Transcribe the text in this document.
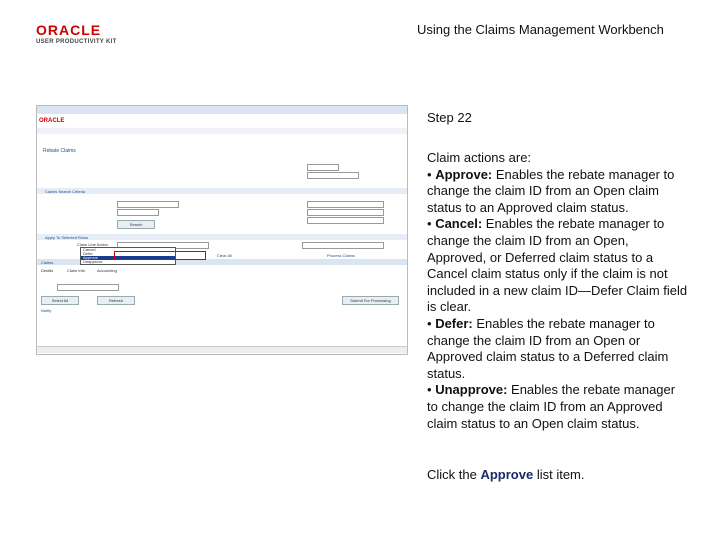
ORACLE
USER PRODUCTIVITY KIT
Using the Claims Management Workbench
ORACLE
Rebate Claims
Claims Search Criteria
Search
Apply To Selected Rows
Claim Line Action
Clear All	Process Claims
Claims
Details	Claim Info	Accounting
Select All	Refresh	Submit For Processing
Notify
Cancel
Defer
Approve
Unapprove
Step 22

Claim actions are:

• Approve: Enables the rebate manager to change the claim ID from an Open claim status to an Approved claim status.

• Cancel: Enables the rebate manager to change the claim ID from an Open, Approved, or Deferred claim status to a Cancel claim status only if the claim is not included in a new claim ID—Defer Claim field is clear.

• Defer: Enables the rebate manager to change the claim ID from an Open or Approved claim status to a Deferred claim status.

• Unapprove: Enables the rebate manager to change the claim ID from an Approved claim status to an Open claim status.

Click the Approve list item.
